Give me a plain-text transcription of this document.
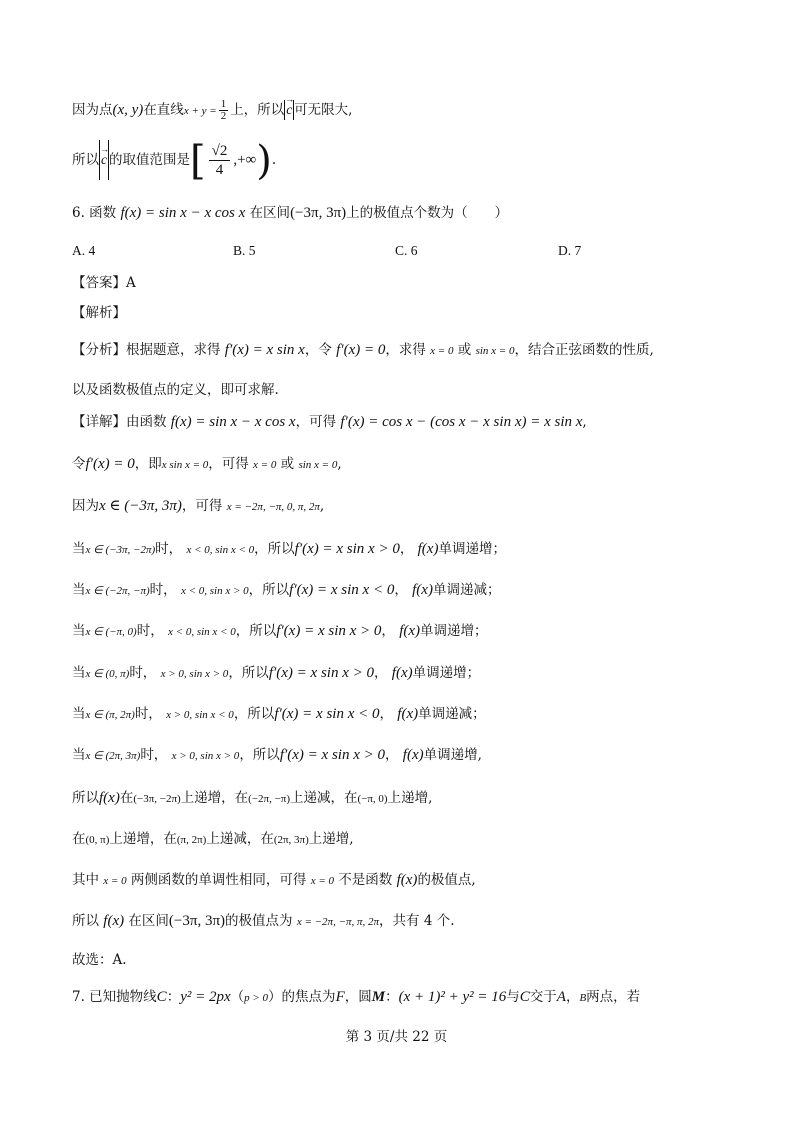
因为点(x, y)在直线$x + y = \frac{1}{2}$ 上，所以 → c 可无限大,
所以 → c 的取值范围是[ $\frac{√2}{4}$ ,+∞).
6. 函数 f(x) = sin x − x cos x 在区间(−3π, 3π)上的极值点个数为（　　）
A. 4	B. 5	C. 6	D. 7
【答案】A
【解析】
【分析】根据题意，求得 f′(x) = x sin x，令 f′(x) = 0，求得 x = 0 或 sin x = 0，结合正弦函数的性质,
以及函数极值点的定义，即可求解.
【详解】由函数 f(x) = sin x − x cos x，可得 f′(x) = cos x − (cos x − x sin x) = x sin x,
令f′(x) = 0，即x sin x = 0，可得 x = 0 或 sin x = 0,
因为x ∈ (−3π, 3π)，可得 x = −2π, −π, 0, π, 2π,
当x ∈ (−3π, −2π)时， x < 0, sin x < 0，所以f′(x) = x sin x > 0， f(x)单调递增；
当x ∈ (−2π, −π)时， x < 0, sin x > 0，所以f′(x) = x sin x < 0， f(x)单调递减；
当x ∈ (−π, 0)时， x < 0, sin x < 0，所以f′(x) = x sin x > 0， f(x)单调递增；
当x ∈ (0, π)时， x > 0, sin x > 0，所以f′(x) = x sin x > 0， f(x)单调递增；
当x ∈ (π, 2π)时， x > 0, sin x < 0，所以f′(x) = x sin x < 0， f(x)单调递减；
当x ∈ (2π, 3π)时， x > 0, sin x > 0，所以f′(x) = x sin x > 0， f(x)单调递增,
所以f(x)在(−3π, −2π)上递增，在(−2π, −π)上递减，在(−π, 0)上递增,
在(0, π)上递增，在(π, 2π)上递减，在(2π, 3π)上递增,
其中 x = 0 两侧函数的单调性相同，可得 x = 0 不是函数 f(x)的极值点,
所以 f(x) 在区间(−3π, 3π)的极值点为 x = −2π, −π, π, 2π，共有 4 个.
故选：A.
7. 已知抛物线C：y² = 2px（p > 0）的焦点为F，圆M：(x + 1)² + y² = 16与C交于A，B两点，若
第 3 页/共 22 页
